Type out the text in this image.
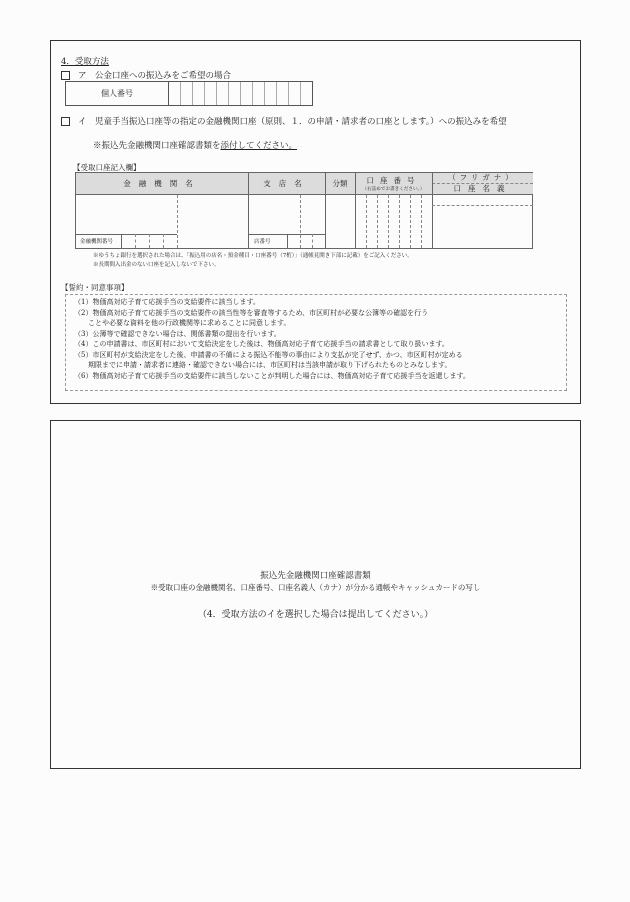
4．受取方法
ア　公金口座への振込みをご希望の場合
個人番号
イ　児童手当振込口座等の指定の金融機関口座（原則、１．の申請・請求者の口座とします。）への振込みを希望
※振込先金融機関口座確認書類を添付してください。
【受取口座記入欄】
金融機関名	支店名	分類	口座番号
（右詰めでお書きください。）
（フリガナ）
口座名義
金融機関番号	店番号
※ゆうちょ銀行を選択された場合は、「振込用の店名・預金種目・口座番号（7桁）」（通帳見開き下部に記載）をご記入ください。
※長期間入出金のない口座を記入しないで下さい。
【誓約・同意事項】
（1）物価高対応子育て応援手当の支給要件に該当します。
（2）物価高対応子育て応援手当の支給要件の該当性等を審査等するため、市区町村が必要な公簿等の確認を行う
　　ことや必要な資料を他の行政機関等に求めることに同意します。
（3）公簿等で確認できない場合は、関係書類の提出を行います。
（4）この申請書は、市区町村において支給決定をした後は、物価高対応子育て応援手当の請求書として取り扱います。
（5）市区町村が支給決定をした後、申請書の不備による振込不能等の事由により支払が完了せず、かつ、市区町村が定める
　　期限までに申請・請求者に連絡・確認できない場合には、市区町村は当該申請が取り下げられたものとみなします。
（6）物価高対応子育て応援手当の支給要件に該当しないことが判明した場合には、物価高対応子育て応援手当を返還します。
振込先金融機関口座確認書類
※受取口座の金融機関名、口座番号、口座名義人（カナ）が分かる通帳やキャッシュカードの写し
（4．受取方法のイを選択した場合は提出してください。）
